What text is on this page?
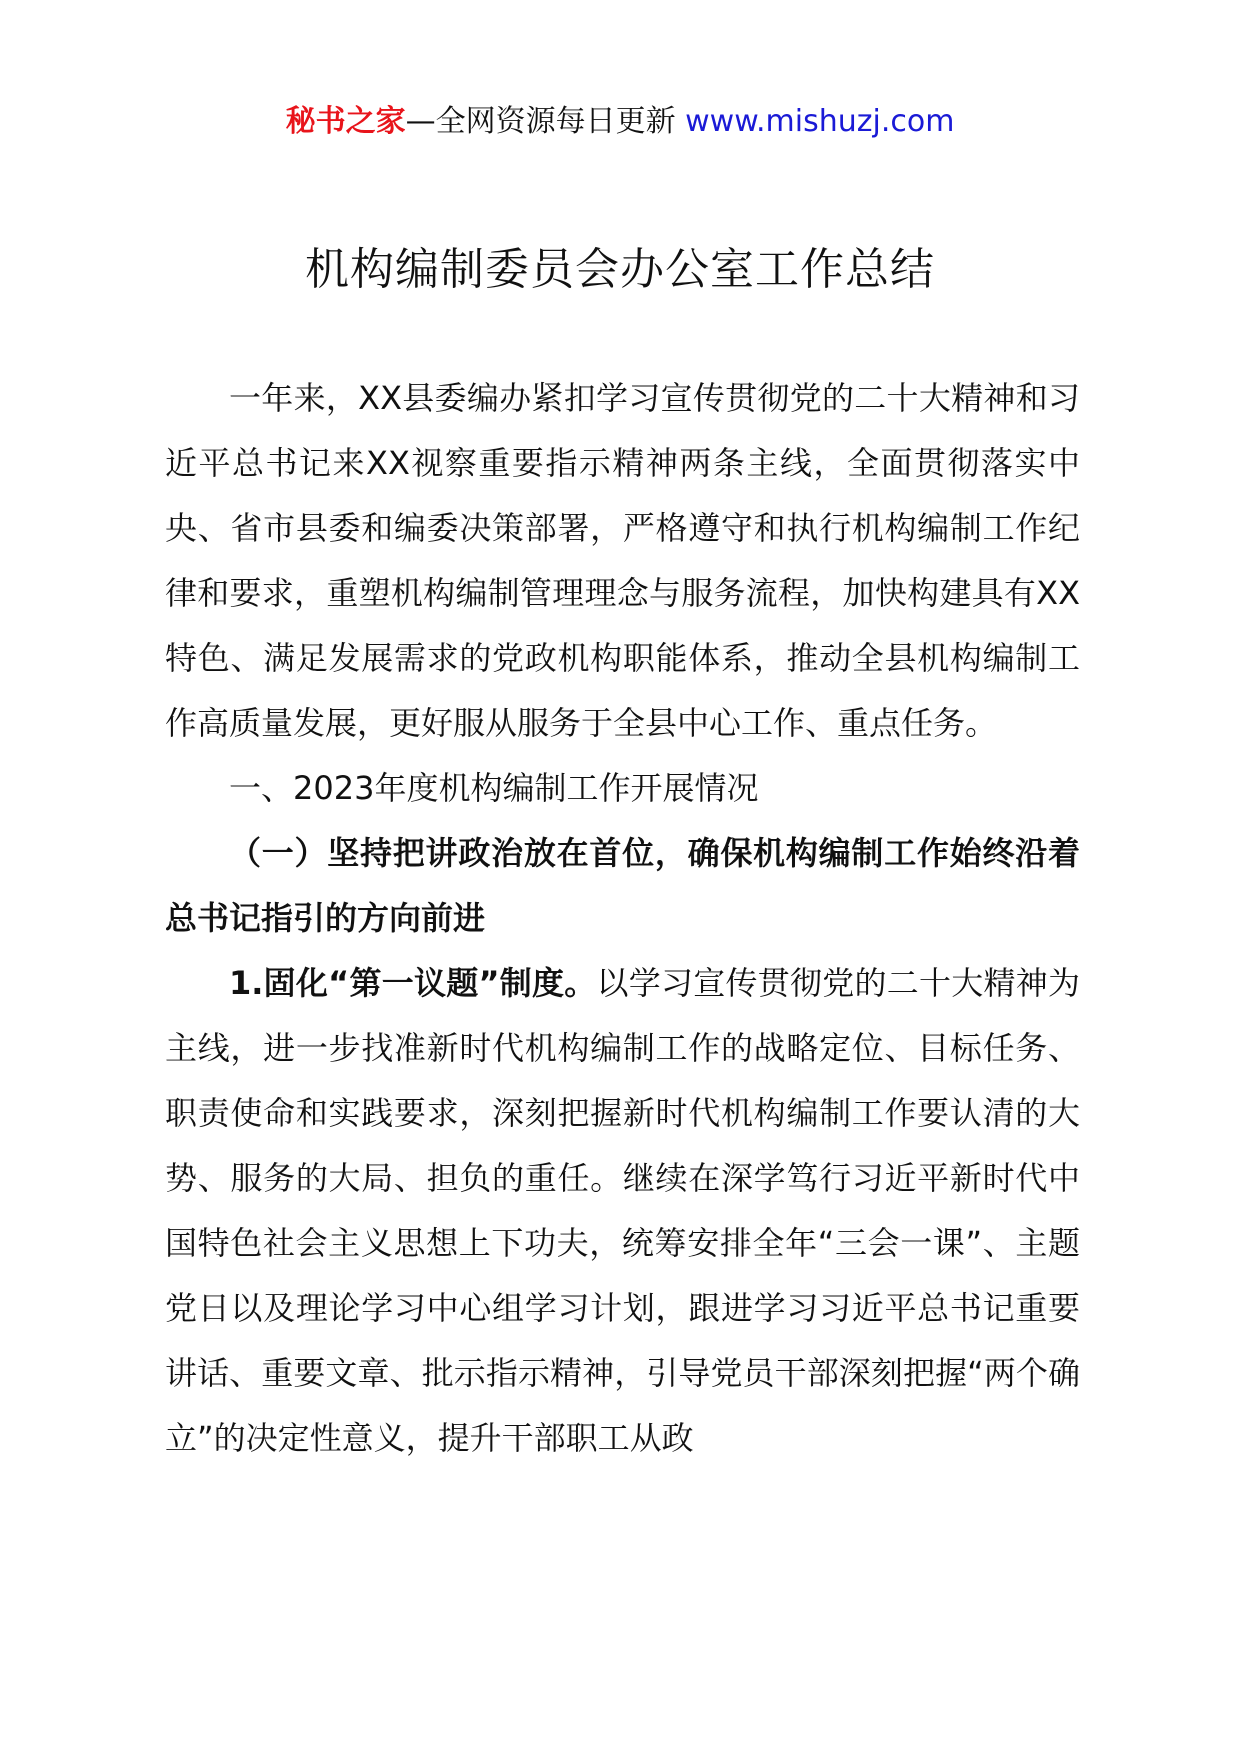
秘书之家—全网资源每日更新 www.mishuzj.com
机构编制委员会办公室工作总结

一年来，XX县委编办紧扣学习宣传贯彻党的二十大精神和习近平总书记来XX视察重要指示精神两条主线，全面贯彻落实中央、省市县委和编委决策部署，严格遵守和执行机构编制工作纪律和要求，重塑机构编制管理理念与服务流程，加快构建具有XX特色、满足发展需求的党政机构职能体系，推动全县机构编制工作高质量发展，更好服从服务于全县中心工作、重点任务。

一、2023年度机构编制工作开展情况

（一）坚持把讲政治放在首位，确保机构编制工作始终沿着总书记指引的方向前进

1.固化“第一议题”制度。以学习宣传贯彻党的二十大精神为主线，进一步找准新时代机构编制工作的战略定位、目标任务、职责使命和实践要求，深刻把握新时代机构编制工作要认清的大势、服务的大局、担负的重任。继续在深学笃行习近平新时代中国特色社会主义思想上下功夫，统筹安排全年“三会一课”、主题党日以及理论学习中心组学习计划，跟进学习习近平总书记重要讲话、重要文章、批示指示精神，引导党员干部深刻把握“两个确立”的决定性意义，提升干部职工从政
